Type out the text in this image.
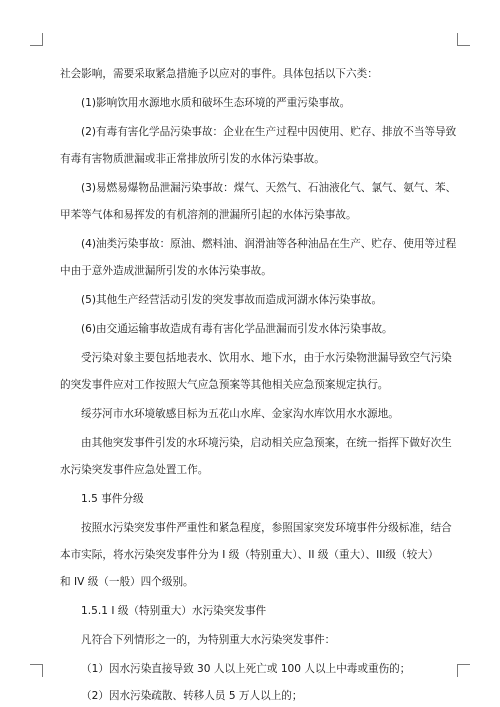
社会影响，需要采取紧急措施予以应对的事件。具体包括以下六类：

(1)影响饮用水源地水质和破坏生态环境的严重污染事故。

(2)有毒有害化学品污染事故：企业在生产过程中因使用、贮存、排放不当等导致

有毒有害物质泄漏或非正常排放所引发的水体污染事故。

(3)易燃易爆物品泄漏污染事故：煤气、天然气、石油液化气、氯气、氨气、苯、

甲苯等气体和易挥发的有机溶剂的泄漏所引起的水体污染事故。

(4)油类污染事故：原油、燃料油、润滑油等各种油品在生产、贮存、使用等过程

中由于意外造成泄漏所引发的水体污染事故。

(5)其他生产经营活动引发的突发事故而造成河湖水体污染事故。

(6)由交通运输事故造成有毒有害化学品泄漏而引发水体污染事故。

受污染对象主要包括地表水、饮用水、地下水，由于水污染物泄漏导致空气污染

的突发事件应对工作按照大气应急预案等其他相关应急预案规定执行。

绥芬河市水环境敏感目标为五花山水库、金家沟水库饮用水水源地。

由其他突发事件引发的水环境污染，启动相关应急预案，在统一指挥下做好次生

水污染突发事件应急处置工作。

1.5 事件分级

按照水污染突发事件严重性和紧急程度，参照国家突发环境事件分级标准，结合

本市实际，将水污染突发事件分为 I 级（特别重大）、II 级（重大）、III级（较大）

和 IV 级（一般）四个级别。

1.5.1 I 级（特别重大）水污染突发事件

凡符合下列情形之一的，为特别重大水污染突发事件：

（1）因水污染直接导致 30 人以上死亡或 100 人以上中毒或重伤的；

（2）因水污染疏散、转移人员 5 万人以上的；
